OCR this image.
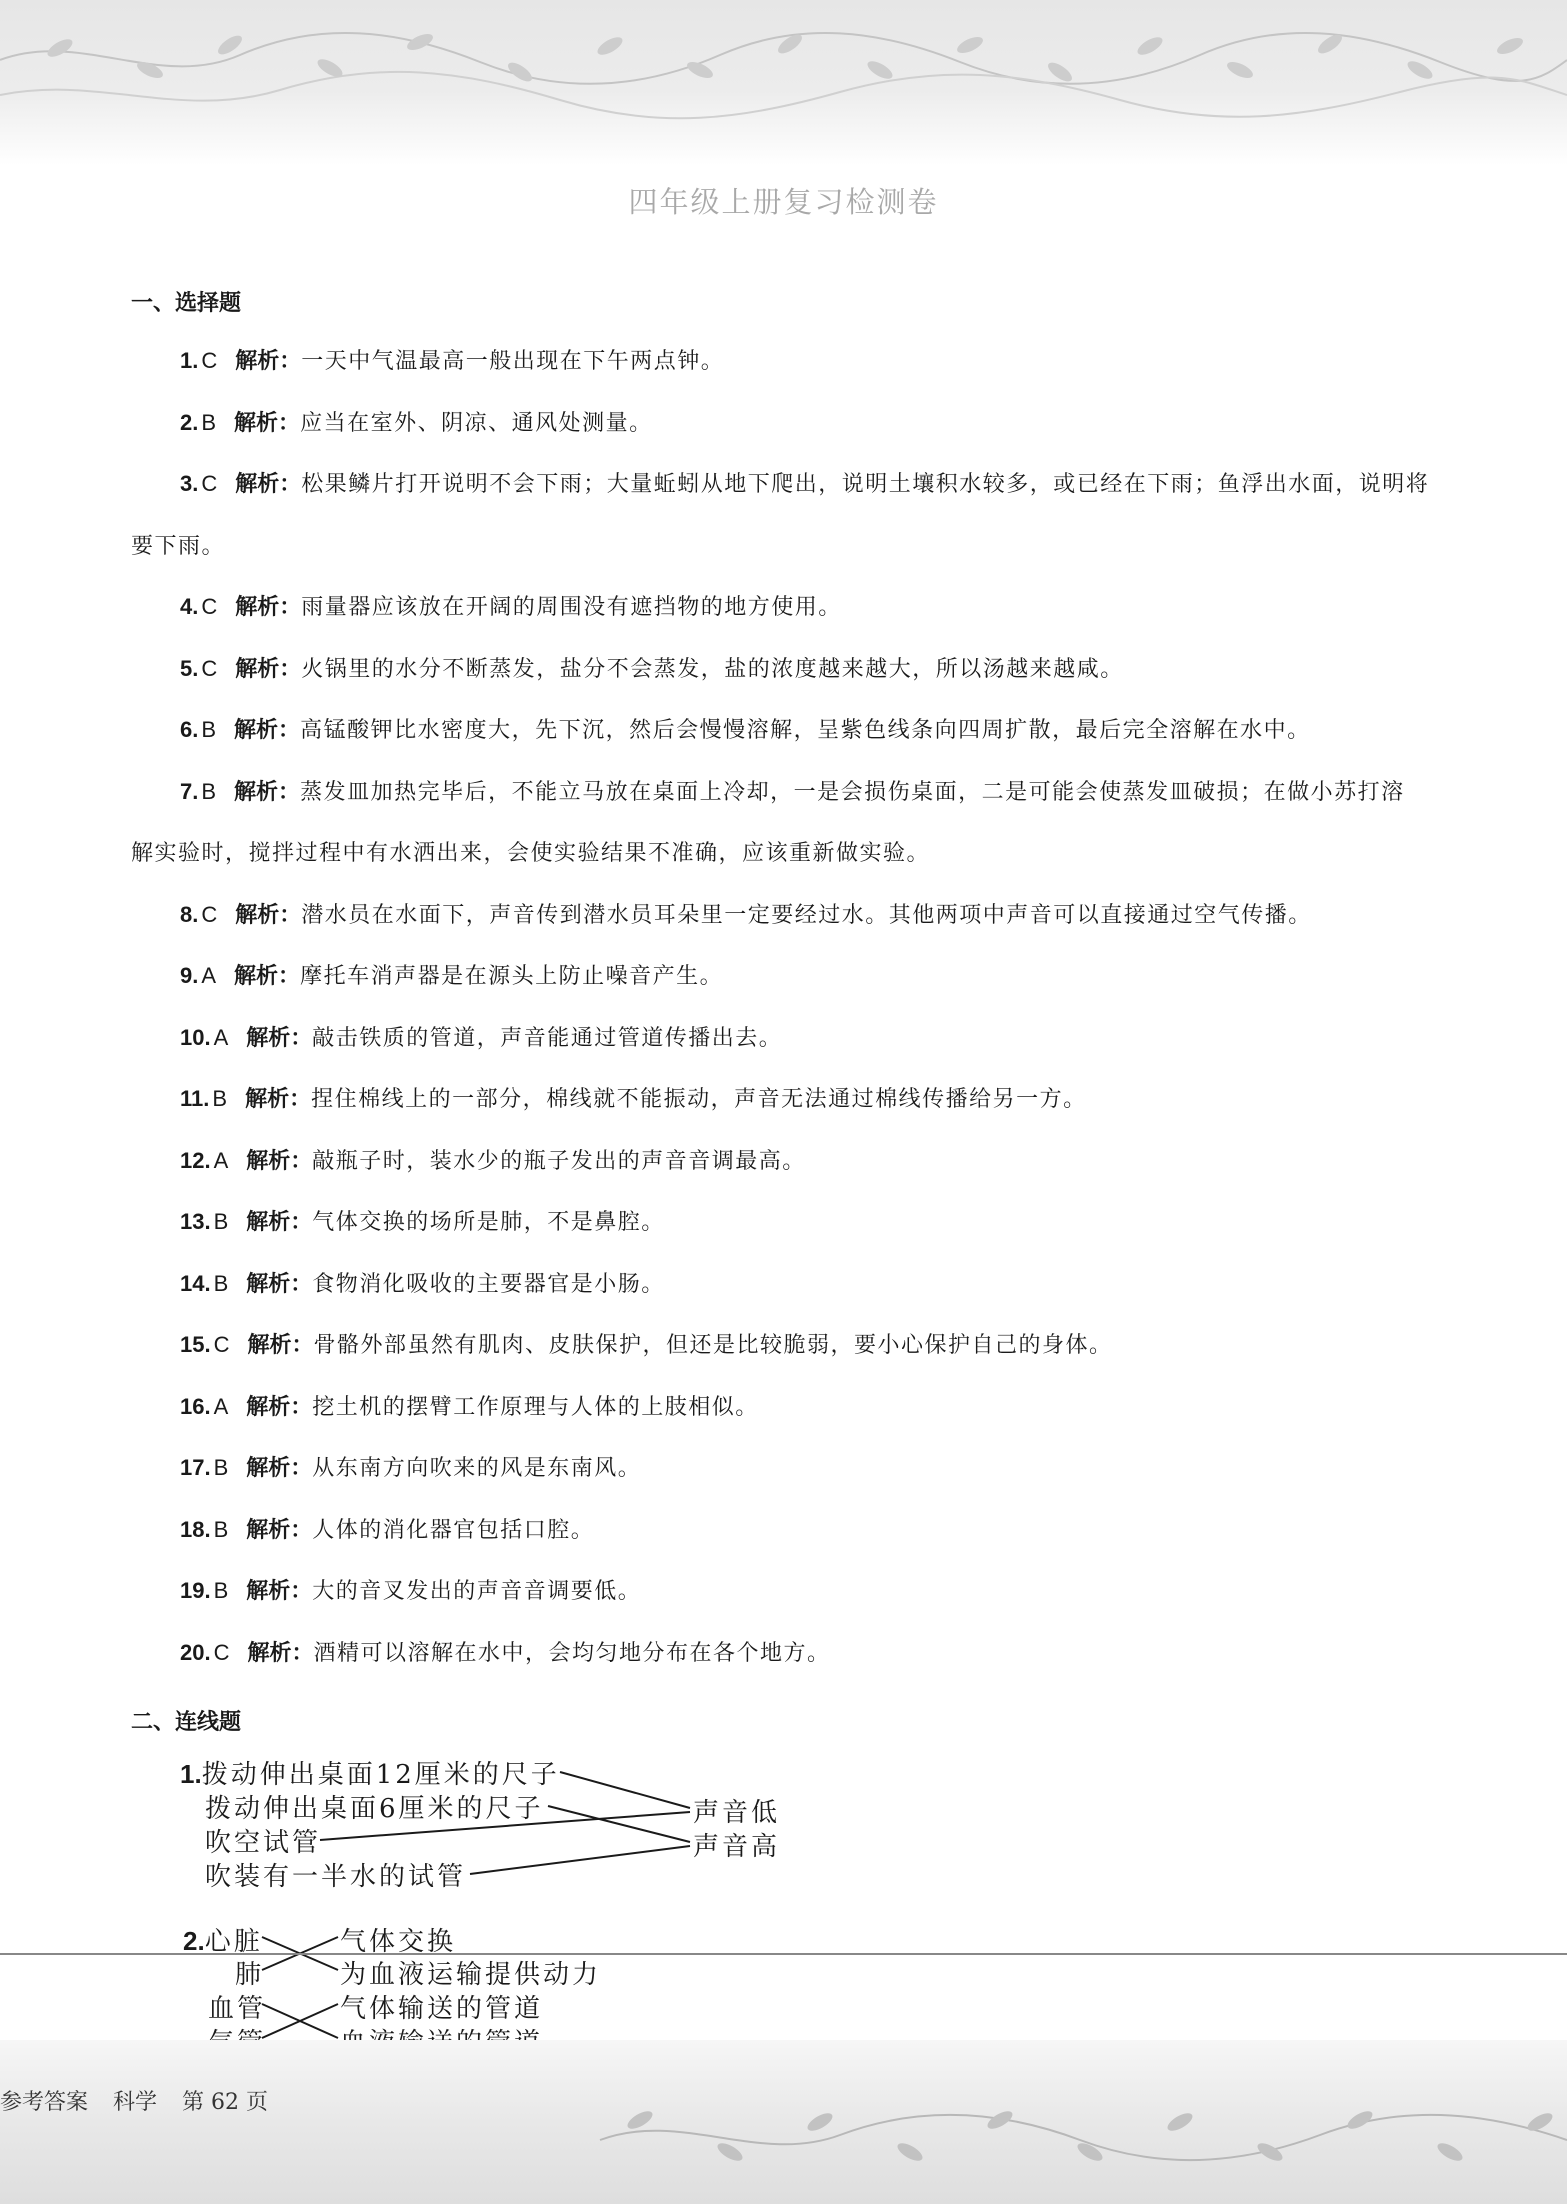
四年级上册复习检测卷
一、选择题
1. C 解析：一天中气温最高一般出现在下午两点钟。
2. B 解析：应当在室外、阴凉、通风处测量。
3. C 解析：松果鳞片打开说明不会下雨；大量蚯蚓从地下爬出，说明土壤积水较多，或已经在下雨；鱼浮出水面，说明将
要下雨。
4. C 解析：雨量器应该放在开阔的周围没有遮挡物的地方使用。
5. C 解析：火锅里的水分不断蒸发，盐分不会蒸发，盐的浓度越来越大，所以汤越来越咸。
6. B 解析：高锰酸钾比水密度大，先下沉，然后会慢慢溶解，呈紫色线条向四周扩散，最后完全溶解在水中。
7. B 解析：蒸发皿加热完毕后，不能立马放在桌面上冷却，一是会损伤桌面，二是可能会使蒸发皿破损；在做小苏打溶
解实验时，搅拌过程中有水洒出来，会使实验结果不准确，应该重新做实验。
8. C 解析：潜水员在水面下，声音传到潜水员耳朵里一定要经过水。其他两项中声音可以直接通过空气传播。
9. A 解析：摩托车消声器是在源头上防止噪音产生。
10. A 解析：敲击铁质的管道，声音能通过管道传播出去。
11. B 解析：捏住棉线上的一部分，棉线就不能振动，声音无法通过棉线传播给另一方。
12. A 解析：敲瓶子时，装水少的瓶子发出的声音音调最高。
13. B 解析：气体交换的场所是肺，不是鼻腔。
14. B 解析：食物消化吸收的主要器官是小肠。
15. C 解析：骨骼外部虽然有肌肉、皮肤保护，但还是比较脆弱，要小心保护自己的身体。
16. A 解析：挖土机的摆臂工作原理与人体的上肢相似。
17. B 解析：从东南方向吹来的风是东南风。
18. B 解析：人体的消化器官包括口腔。
19. B 解析：大的音叉发出的声音音调要低。
20. C 解析：酒精可以溶解在水中，会均匀地分布在各个地方。
二、连线题
1.拨动伸出桌面12厘米的尺子
拨动伸出桌面6厘米的尺子
吹空试管
吹装有一半水的试管
声音低
声音高
2.心脏
肺
血管
气体交换
为血液运输提供动力
气体输送的管道
参考答案 科学 第 62 页
